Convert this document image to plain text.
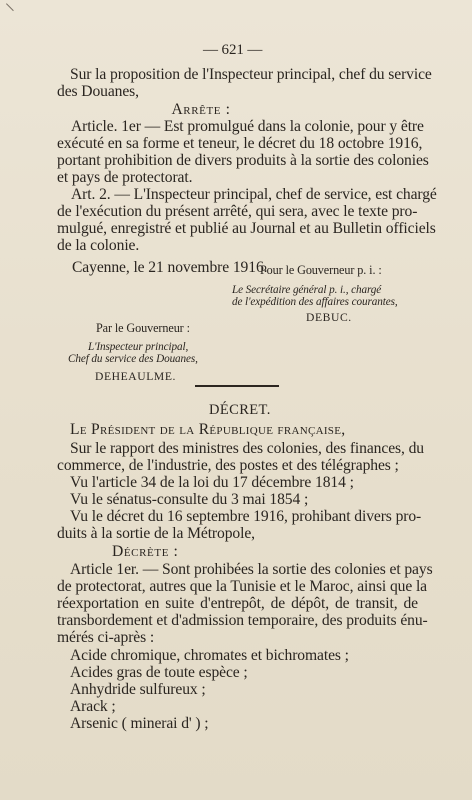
— 621 —
Sur la proposition de l'Inspecteur principal, chef du service
des Douanes,
Arrête :
Article. 1er — Est promulgué dans la colonie, pour y être
exécuté en sa forme et teneur, le décret du 18 octobre 1916,
portant prohibition de divers produits à la sortie des colonies
et pays de protectorat.
Art. 2. — L'Inspecteur principal, chef de service, est chargé
de l'exécution du présent arrêté, qui sera, avec le texte pro-
mulgué, enregistré et publié au Journal et au Bulletin officiels
de la colonie.
Cayenne, le 21 novembre 1916.
Pour le Gouverneur p. i. :
Le Secrétaire général p. i., chargé
de l'expédition des affaires courantes,
DEBUC.
Par le Gouverneur :
L'Inspecteur principal,
Chef du service des Douanes,
DEHEAULME.
DÉCRET.
Le Président de la République française,
Sur le rapport des ministres des colonies, des finances, du
commerce, de l'industrie, des postes et des télégraphes ;
Vu l'article 34 de la loi du 17 décembre 1814 ;
Vu le sénatus-consulte du 3 mai 1854 ;
Vu le décret du 16 septembre 1916, prohibant divers pro-
duits à la sortie de la Métropole,
Décrète :
Article 1er. — Sont prohibées la sortie des colonies et pays
de protectorat, autres que la Tunisie et le Maroc, ainsi que la
réexportation en suite d'entrepôt, de dépôt, de transit, de
transbordement et d'admission temporaire, des produits énu-
mérés ci-après :
Acide chromique, chromates et bichromates ;
Acides gras de toute espèce ;
Anhydride sulfureux ;
Arack ;
Arsenic ( minerai d' ) ;
